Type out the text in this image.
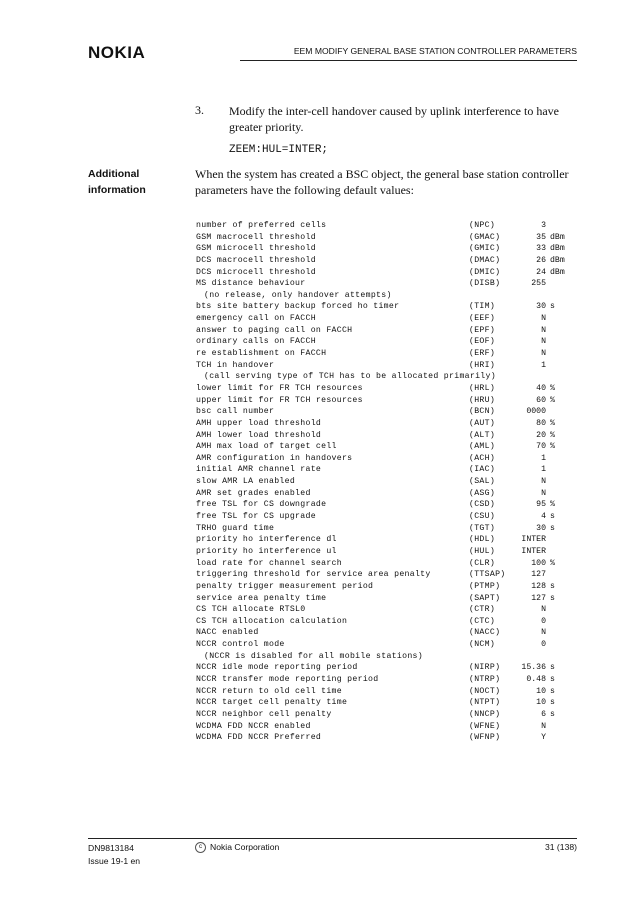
NOKIA	EEM MODIFY GENERAL BASE STATION CONTROLLER PARAMETERS
3. Modify the inter-cell handover caused by uplink interference to have greater priority.
ZEEM:HUL=INTER;
Additional
information
When the system has created a BSC object, the general base station controller parameters have the following default values:
number of preferred cells	(NPC)	3
GSM macrocell threshold	(GMAC)	35 dBm
GSM microcell threshold	(GMIC)	33 dBm
DCS macrocell threshold	(DMAC)	26 dBm
DCS microcell threshold	(DMIC)	24 dBm
MS distance behaviour	(DISB)	255
(no release, only handover attempts)
bts site battery backup forced ho timer	(TIM)	30 s
emergency call on FACCH	(EEF)	N
answer to paging call on FACCH	(EPF)	N
ordinary calls on FACCH	(EOF)	N
re establishment on FACCH	(ERF)	N
TCH in handover	(HRI)	1
(call serving type of TCH has to be allocated primarily)
lower limit for FR TCH resources	(HRL)	40 %
upper limit for FR TCH resources	(HRU)	60 %
bsc call number	(BCN)	0000
AMH upper load threshold	(AUT)	80 %
AMH lower load threshold	(ALT)	20 %
AMH max load of target cell	(AML)	70 %
AMR configuration in handovers	(ACH)	1
initial AMR channel rate	(IAC)	1
slow AMR LA enabled	(SAL)	N
AMR set grades enabled	(ASG)	N
free TSL for CS downgrade	(CSD)	95 %
free TSL for CS upgrade	(CSU)	4 s
TRHO guard time	(TGT)	30 s
priority ho interference dl	(HDL)	INTER
priority ho interference ul	(HUL)	INTER
load rate for channel search	(CLR)	100 %
triggering threshold for service area penalty	(TTSAP)	127
penalty trigger measurement period	(PTMP)	128 s
service area penalty time	(SAPT)	127 s
CS TCH allocate RTSL0	(CTR)	N
CS TCH allocation calculation	(CTC)	0
NACC enabled	(NACC)	N
NCCR control mode	(NCM)	0
(NCCR is disabled for all mobile stations)
NCCR idle mode reporting period	(NIRP)	15.36 s
NCCR transfer mode reporting period	(NTRP)	0.48 s
NCCR return to old cell time	(NOCT)	10 s
NCCR target cell penalty time	(NTPT)	10 s
NCCR neighbor cell penalty	(NNCP)	6 s
WCDMA FDD NCCR enabled	(WFNE)	N
WCDMA FDD NCCR Preferred	(WFNP)	Y
DN9813184
Issue 19-1 en
c Nokia Corporation	31 (138)
